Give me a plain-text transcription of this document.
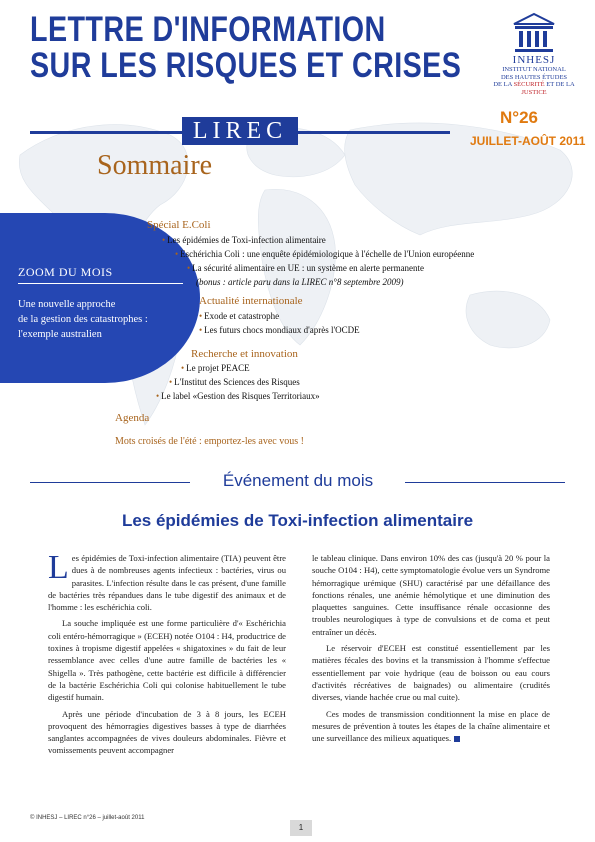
LETTRE D'INFORMATION
SUR LES RISQUES ET CRISES
LIREC
INHESJ
INSTITUT NATIONAL
DES HAUTES ÉTUDES
DE LA SÉCURITÉ ET DE LA JUSTICE
N°26
JUILLET-AOÛT 2011
Sommaire
ZOOM DU MOIS
Une nouvelle approche
de la gestion des catastrophes :
l'exemple australien
Spécial E.Coli
• Les épidémies de Toxi-infection alimentaire
• Eschérichia Coli : une enquête épidémiologique à l'échelle de l'Union européenne
• La sécurité alimentaire en UE : un système en alerte permanente
(bonus : article paru dans la LIREC n°8 septembre 2009)
Actualité internationale
• Exode et catastrophe
• Les futurs chocs mondiaux d'après l'OCDE
Recherche et innovation
• Le projet PEACE
• L'Institut des Sciences des Risques
• Le label «Gestion des Risques Territoriaux»
Agenda
Mots croisés de l'été : emportez-les avec vous !
Événement du mois
Les épidémies de Toxi-infection alimentaire

Les épidémies de Toxi-infection alimentaire (TIA) peuvent être dues à de nombreuses agents infectieux : bactéries, virus ou parasites. L'infection résulte dans le cas présent, d'une famille de bactéries très répandues dans le tube digestif des animaux et de l'homme : les eschérichia coli.

La souche impliquée est une forme particulière d'« Eschérichia coli entéro-hémorragique » (ECEH) notée O104 : H4, productrice de toxines à tropisme digestif appelées « shigatoxines » du fait de leur ressemblance avec celles d'une autre famille de bactéries les « Shigella ». Très pathogène, cette bactérie est difficile à différencier de la bactérie Eschérichia Coli qui colonise habituellement le tube digestif humain.

Après une période d'incubation de 3 à 8 jours, les ECEH provoquent des hémorragies digestives basses à type de diarrhées sanglantes accompagnées de vives douleurs abdominales. Fièvre et vomissements peuvent accompagner

le tableau clinique. Dans environ 10% des cas (jusqu'à 20 % pour la souche O104 : H4), cette symptomatologie évolue vers un Syndrome hémorragique urémique (SHU) caractérisé par une défaillance des fonctions rénales, une anémie hémolytique et une diminution des plaquettes sanguines. Cette insuffisance rénale occasionne des troubles neurologiques à type de convulsions et de coma et peut entraîner un décès.

Le réservoir d'ECEH est constitué essentiellement par les matières fécales des bovins et la transmission à l'homme s'effectue essentiellement par voie hydrique (eau de boisson ou eau cours d'activités récréatives de baignades) ou alimentaire (crudités diverses, viande hachée crue ou mal cuite).

Ces modes de transmission conditionnent la mise en place de mesures de prévention à toutes les étapes de la chaîne alimentaire et une surveillance des milieux aquatiques.

© INHESJ – LIREC n°26 – juillet-août 2011
1
